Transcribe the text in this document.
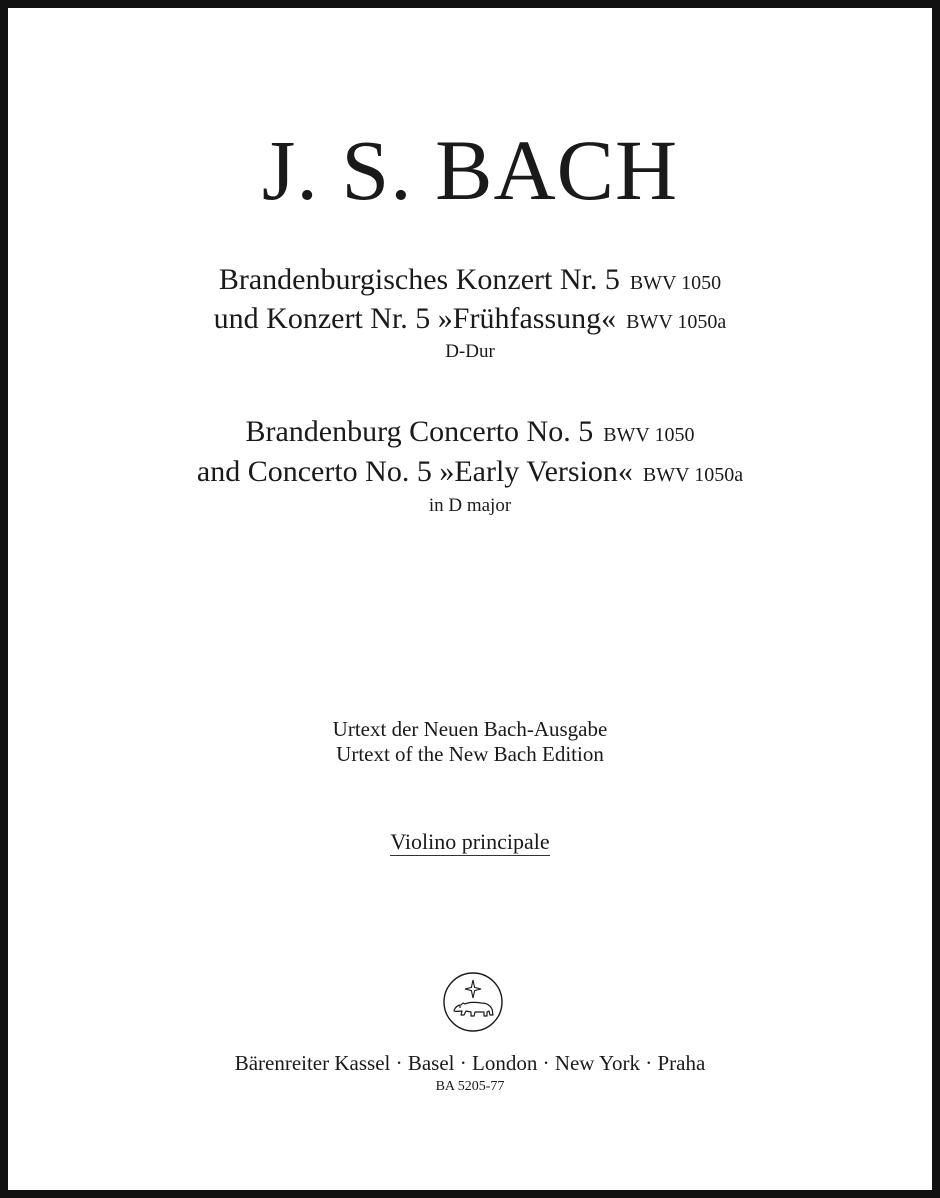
J. S. BACH
Brandenburgisches Konzert Nr. 5 BWV 1050
und Konzert Nr. 5 »Frühfassung« BWV 1050a
D-Dur
Brandenburg Concerto No. 5 BWV 1050
and Concerto No. 5 »Early Version« BWV 1050a
in D major
Urtext der Neuen Bach-Ausgabe
Urtext of the New Bach Edition
Violino principale
Bärenreiter Kassel · Basel · London · New York · Praha
BA 5205-77
